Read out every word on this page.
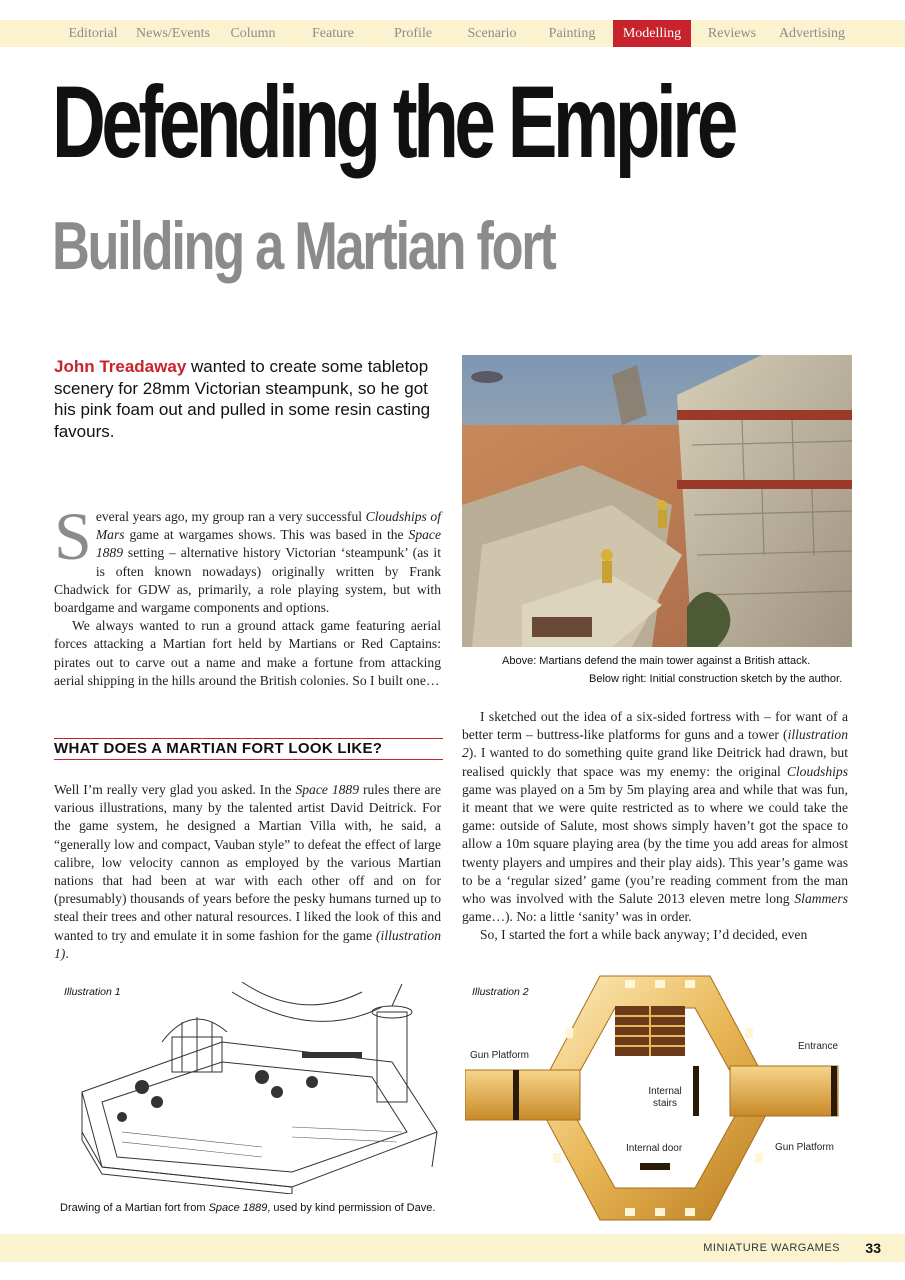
Editorial	News/Events	Column	Feature	Profile	Scenario	Painting	Modelling	Reviews	Advertising
Defending the Empire
Building a Martian fort
John Treadaway wanted to create some tabletop scenery for 28mm Victorian steampunk, so he got his pink foam out and pulled in some resin casting favours.

Several years ago, my group ran a very successful Cloudships of Mars game at wargames shows. This was based in the Space 1889 setting – alternative history Victorian ‘steampunk’ (as it is often known nowadays) originally written by Frank Chadwick for GDW as, primarily, a role playing system, but with boardgame and wargame components and options.

We always wanted to run a ground attack game featuring aerial forces attacking a Martian fort held by Martians or Red Captains: pirates out to carve out a name and make a fortune from attacking aerial shipping in the hills around the British colonies. So I built one…

WHAT DOES A MARTIAN FORT LOOK LIKE?

Well I’m really very glad you asked. In the Space 1889 rules there are various illustrations, many by the talented artist David Deitrick. For the game system, he designed a Martian Villa with, he said, a “generally low and compact, Vauban style” to defeat the effect of large calibre, low velocity cannon as employed by the various Martian nations that had been at war with each other off and on for (presumably) thousands of years before the pesky humans turned up to steal their trees and other natural resources. I liked the look of this and wanted to try and emulate it in some fashion for the game (illustration 1).

Above: Martians defend the main tower against a British attack.
Below right: Initial construction sketch by the author.

I sketched out the idea of a six-sided fortress with – for want of a better term – buttress-like platforms for guns and a tower (illustration 2). I wanted to do something quite grand like Deitrick had drawn, but realised quickly that space was my enemy: the original Cloudships game was played on a 5m by 5m playing area and while that was fun, it meant that we were quite restricted as to where we could take the game: outside of Salute, most shows simply haven’t got the space to allow a 10m square playing area (by the time you add areas for almost twenty players and umpires and their play aids). This year’s game was to be a ‘regular sized’ game (you’re reading comment from the man who was involved with the Salute 2013 eleven metre long Slammers game…). No: a little ‘sanity’ was in order.

So, I started the fort a while back anyway; I’d decided, even

Illustration 1
Drawing of a Martian fort from Space 1889, used by kind permission of Dave.
Illustration 2
Gun Platform
Entrance
Internal stairs
Internal door	Gun Platform
MINIATURE WARGAMES 33
